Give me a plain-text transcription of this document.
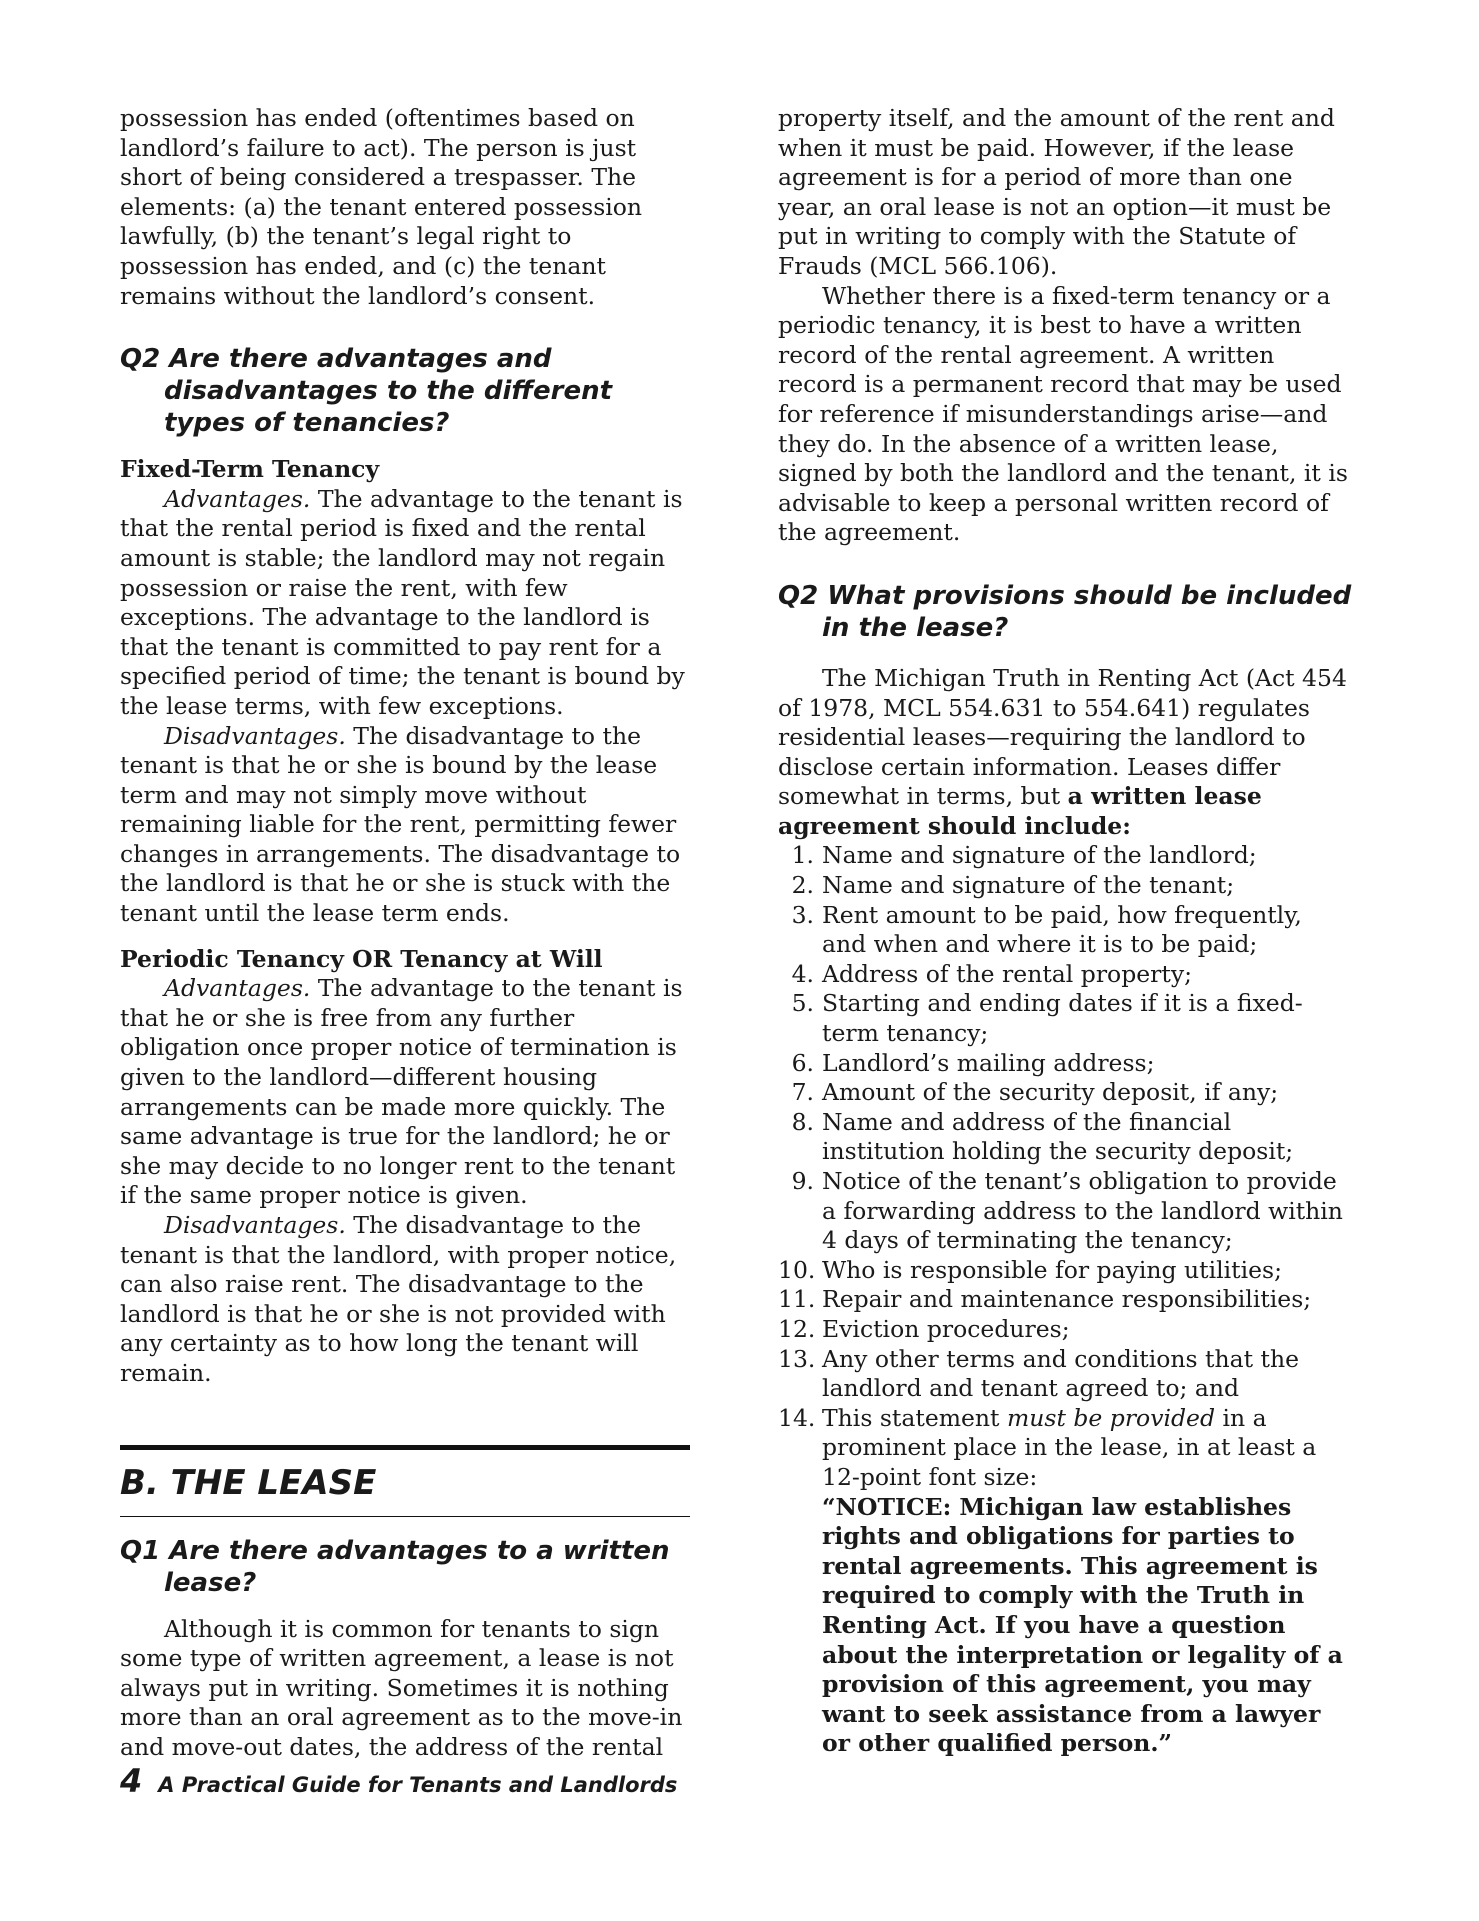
possession has ended (oftentimes based on landlord’s failure to act). The person is just short of being considered a trespasser. The elements: (a) the tenant entered possession lawfully, (b) the tenant’s legal right to possession has ended, and (c) the tenant remains without the landlord’s consent.

Q2 Are there advantages and disadvantages to the different types of tenancies?

Fixed-Term Tenancy

Advantages. The advantage to the tenant is that the rental period is fixed and the rental amount is stable; the landlord may not regain possession or raise the rent, with few exceptions. The advantage to the landlord is that the tenant is committed to pay rent for a specified period of time; the tenant is bound by the lease terms, with few exceptions.

Disadvantages. The disadvantage to the tenant is that he or she is bound by the lease term and may not simply move without remaining liable for the rent, permitting fewer changes in arrangements. The disadvantage to the landlord is that he or she is stuck with the tenant until the lease term ends.

Periodic Tenancy OR Tenancy at Will

Advantages. The advantage to the tenant is that he or she is free from any further obligation once proper notice of termination is given to the landlord—different housing arrangements can be made more quickly. The same advantage is true for the landlord; he or she may decide to no longer rent to the tenant if the same proper notice is given.

Disadvantages. The disadvantage to the tenant is that the landlord, with proper notice, can also raise rent. The disadvantage to the landlord is that he or she is not provided with any certainty as to how long the tenant will remain.

B. THE LEASE
Q1 Are there advantages to a written lease?

Although it is common for tenants to sign some type of written agreement, a lease is not always put in writing. Sometimes it is nothing more than an oral agreement as to the move-in and move-out dates, the address of the rental

property itself, and the amount of the rent and when it must be paid. However, if the lease agreement is for a period of more than one year, an oral lease is not an option—it must be put in writing to comply with the Statute of Frauds (MCL 566.106).

Whether there is a fixed-term tenancy or a periodic tenancy, it is best to have a written record of the rental agreement. A written record is a permanent record that may be used for reference if misunderstandings arise—and they do. In the absence of a written lease, signed by both the landlord and the tenant, it is advisable to keep a personal written record of the agreement.

Q2 What provisions should be included in the lease?

The Michigan Truth in Renting Act (Act 454 of 1978, MCL 554.631 to 554.641) regulates residential leases—requiring the landlord to disclose certain information. Leases differ somewhat in terms, but a written lease agreement should include:

1. Name and signature of the landlord;
2. Name and signature of the tenant;
3. Rent amount to be paid, how frequently, and when and where it is to be paid;
4. Address of the rental property;
5. Starting and ending dates if it is a fixed-term tenancy;
6. Landlord’s mailing address;
7. Amount of the security deposit, if any;
8. Name and address of the financial institution holding the security deposit;
9. Notice of the tenant’s obligation to provide a forwarding address to the landlord within 4 days of terminating the tenancy;
10. Who is responsible for paying utilities;
11. Repair and maintenance responsibilities;
12. Eviction procedures;
13. Any other terms and conditions that the landlord and tenant agreed to; and
14. This statement must be provided in a prominent place in the lease, in at least a 12-point font size:

“NOTICE: Michigan law establishes rights and obligations for parties to rental agreements. This agreement is required to comply with the Truth in Renting Act. If you have a question about the interpretation or legality of a provision of this agreement, you may want to seek assistance from a lawyer or other qualified person.”

4 A Practical Guide for Tenants and Landlords
